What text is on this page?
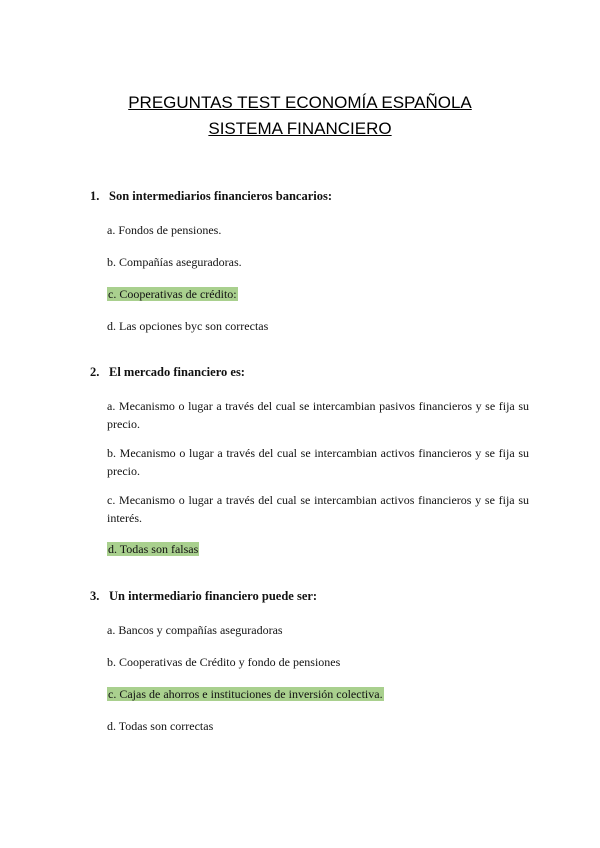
PREGUNTAS TEST ECONOMÍA ESPAÑOLA
SISTEMA FINANCIERO
1. Son intermediarios financieros bancarios:
a. Fondos de pensiones.
b. Compañías aseguradoras.
c. Cooperativas de crédito:
d. Las opciones byc son correctas
2. El mercado financiero es:
a. Mecanismo o lugar a través del cual se intercambian pasivos financieros y se fija su precio.
b. Mecanismo o lugar a través del cual se intercambian activos financieros y se fija su precio.
c. Mecanismo o lugar a través del cual se intercambian activos financieros y se fija su interés.
d. Todas son falsas
3. Un intermediario financiero puede ser:
a. Bancos y compañías aseguradoras
b. Cooperativas de Crédito y fondo de pensiones
c. Cajas de ahorros e instituciones de inversión colectiva.
d. Todas son correctas
